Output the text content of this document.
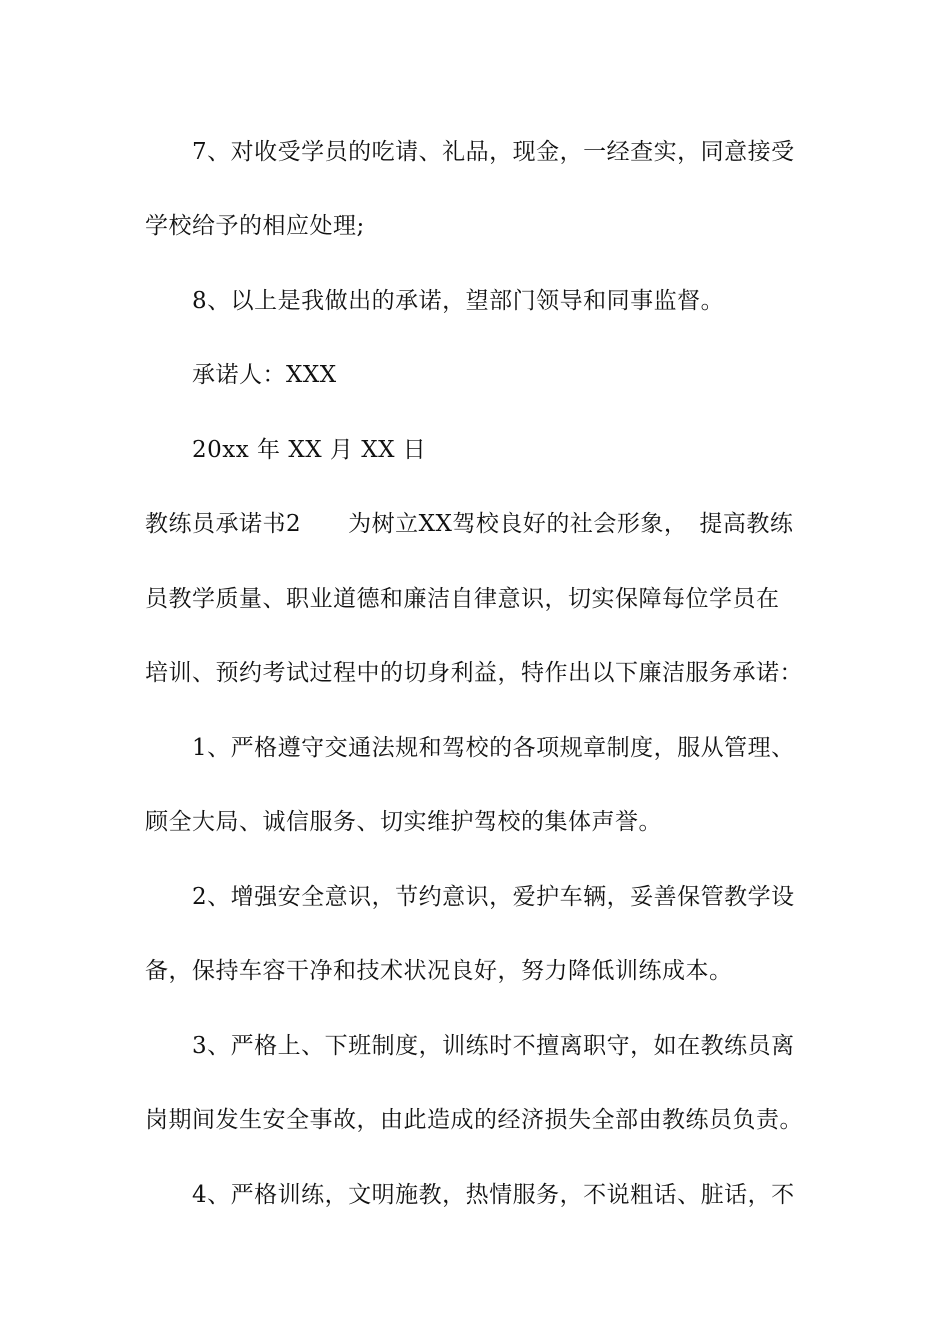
7、对收受学员的吃请、礼品，现金，一经查实，同意接受
学校给予的相应处理;
8、以上是我做出的承诺，望部门领导和同事监督。
承诺人：XXX
20xx 年 XX 月 XX 日
教练员承诺书2　　为树立XX驾校良好的社会形象，　提高教练
员教学质量、职业道德和廉洁自律意识，切实保障每位学员在
培训、预约考试过程中的切身利益，特作出以下廉洁服务承诺：
1、严格遵守交通法规和驾校的各项规章制度，服从管理、
顾全大局、诚信服务、切实维护驾校的集体声誉。
2、增强安全意识，节约意识，爱护车辆，妥善保管教学设
备，保持车容干净和技术状况良好，努力降低训练成本。
3、严格上、下班制度，训练时不擅离职守，如在教练员离
岗期间发生安全事故，由此造成的经济损失全部由教练员负责。
4、严格训练，文明施教，热情服务，不说粗话、脏话，不
